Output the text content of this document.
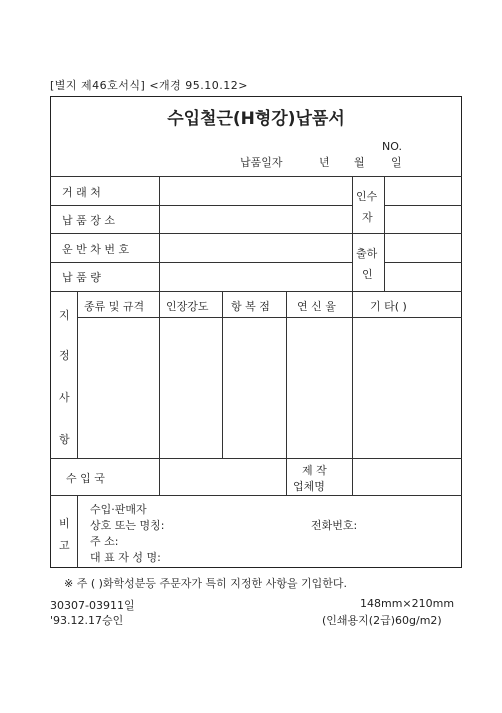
[별지 제46호서식] <개경 95.10.12>
수입철근(H형강)납품서
NO.
납품일자	년 월 일
거 래 처
납 품 장 소
운 반 차 번 호
납 품 량
인수
자
출하
인
지
정
사
항
종류 및 규격 인장강도 항 복 점 연 신 율	기 타( )
수 입 국
제 작
업체명
비
고
수입·판매자
상호 또는 명칭:
주 소:
대 표 자 성 명:
전화번호:
※ 주 ( )화학성분등 주문자가 특히 지정한 사항을 기입한다.
30307-03911일
'93.12.17승인
148mm×210mm
(인쇄용지(2급)60g/m2)
